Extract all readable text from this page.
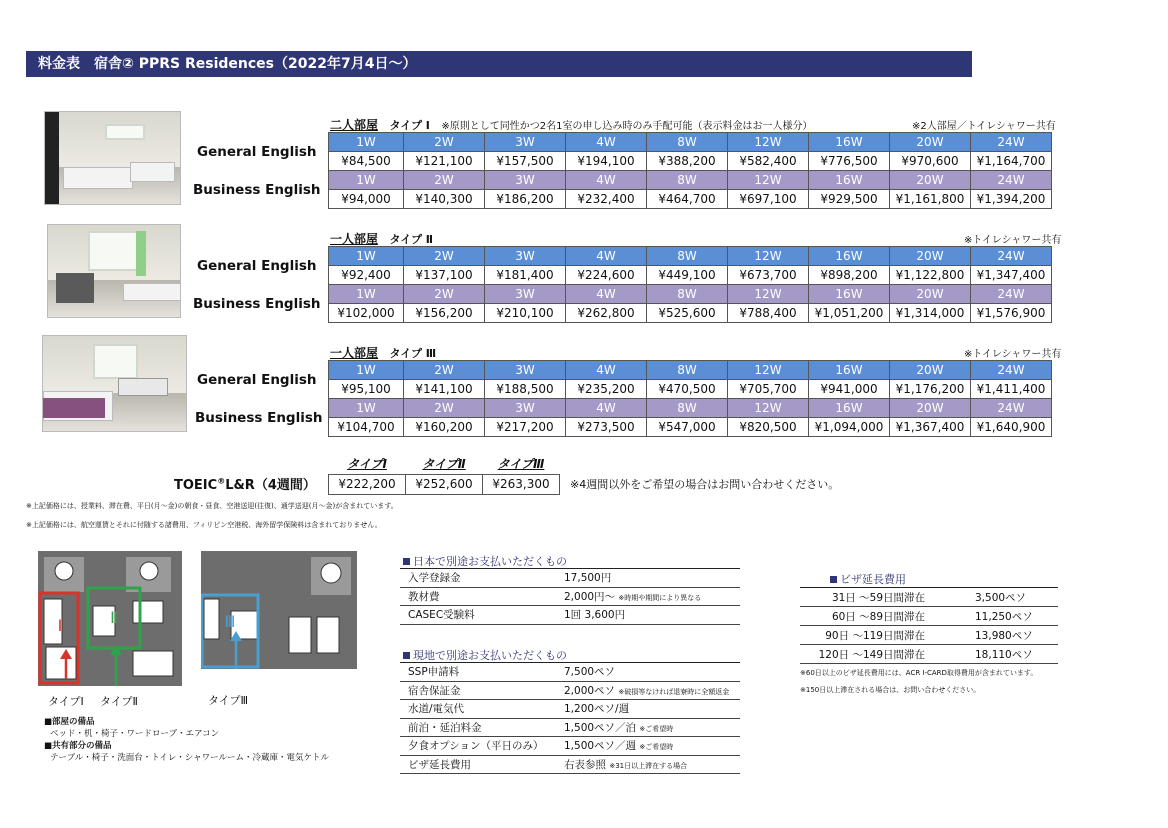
料金表　宿舎② PPRS Residences（2022年7月4日～）
二人部屋 タイプ Ⅰ ※原則として同性かつ2名1室の申し込み時のみ手配可能（表示料金はお一人様分）	※2人部屋／トイレシャワー共有
General English
Business English
1W	2W	3W	4W	8W	12W	16W	20W	24W
¥84,500	¥121,100	¥157,500	¥194,100	¥388,200	¥582,400	¥776,500	¥970,600	¥1,164,700
1W	2W	3W	4W	8W	12W	16W	20W	24W
¥94,000	¥140,300	¥186,200	¥232,400	¥464,700	¥697,100	¥929,500	¥1,161,800	¥1,394,200
一人部屋 タイプ Ⅱ	※トイレシャワー共有
General English
Business English
1W	2W	3W	4W	8W	12W	16W	20W	24W
¥92,400	¥137,100	¥181,400	¥224,600	¥449,100	¥673,700	¥898,200	¥1,122,800	¥1,347,400
1W	2W	3W	4W	8W	12W	16W	20W	24W
¥102,000	¥156,200	¥210,100	¥262,800	¥525,600	¥788,400	¥1,051,200	¥1,314,000	¥1,576,900
一人部屋 タイプ Ⅲ	※トイレシャワー共有
General English
Business English
1W	2W	3W	4W	8W	12W	16W	20W	24W
¥95,100	¥141,100	¥188,500	¥235,200	¥470,500	¥705,700	¥941,000	¥1,176,200	¥1,411,400
1W	2W	3W	4W	8W	12W	16W	20W	24W
¥104,700	¥160,200	¥217,200	¥273,500	¥547,000	¥820,500	¥1,094,000	¥1,367,400	¥1,640,900
TOEIC®L&R（4週間）
タイプⅠ	タイプⅡ	タイプⅢ
¥222,200	¥252,600	¥263,300 ※4週間以外をご希望の場合はお問い合わせください。
※上記価格には、授業料、滞在費、平日(月～金)の朝食・昼食、空港送迎(往復)、通学送迎(月～金)が含まれています。
※上記価格には、航空運賃とそれに付随する諸費用、フィリピン空港税、海外留学保険料は含まれておりません。
Ⅰ	Ⅱ	Ⅲ
タイプⅠ タイプⅡ	タイプⅢ
■部屋の備品
ベッド・机・椅子・ワードローブ・エアコン
■共有部分の備品
テーブル・椅子・洗面台・トイレ・シャワールーム・冷蔵庫・電気ケトル
日本で別途お支払いただくもの
入学登録金	17,500円
教材費	2,000円～ ※時期や期間により異なる
CASEC受験料	1回 3,600円
現地で別途お支払いただくもの
SSP申請料	7,500ペソ
宿舎保証金	2,000ペソ ※破損等なければ退寮時に全額返金
水道/電気代	1,200ペソ/週
前泊・延泊料金	1,500ペソ／泊 ※ご希望時
夕食オプション（平日のみ）	1,500ペソ／週 ※ご希望時
ビザ延長費用	右表参照 ※31日以上滞在する場合
ビザ延長費用
31日 ～59日間滞在	3,500ペソ
60日 ～89日間滞在	11,250ペソ
90日 ～119日間滞在	13,980ペソ
120日 ～149日間滞在	18,110ペソ
※60日以上のビザ延長費用には、ACR I-CARD取得費用が含まれています。
※150日以上滞在される場合は、お問い合わせください。
